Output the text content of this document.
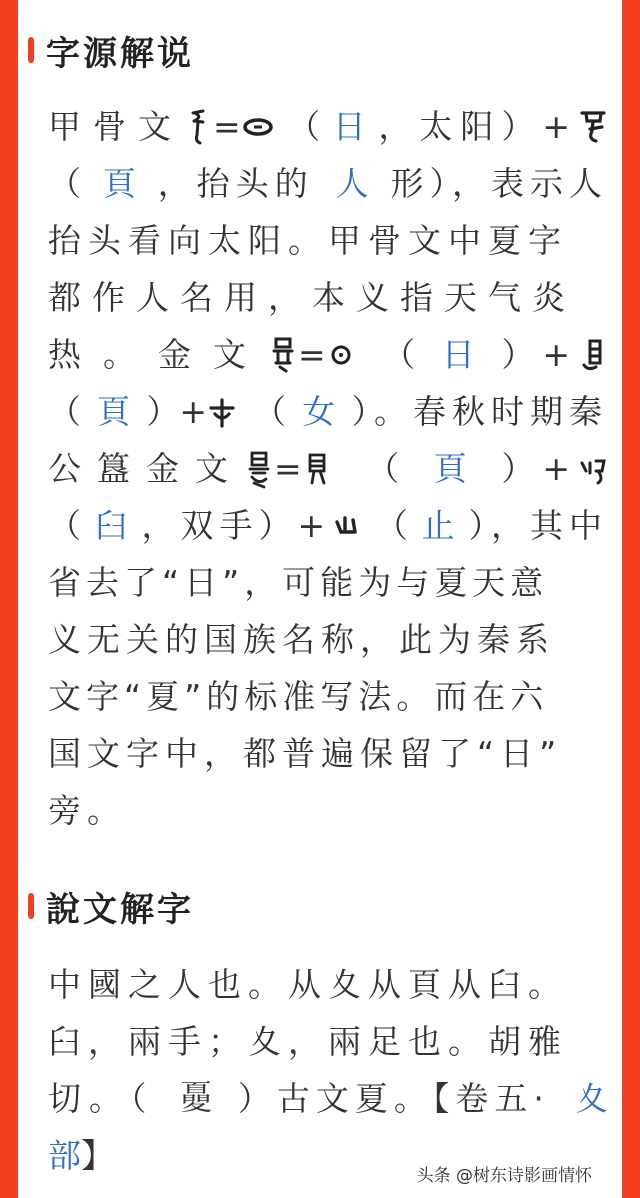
字源解说
甲骨文 = （ 日 ，太阳）+
（ 頁 ，抬头的 人 形），表示人
抬头看向太阳。甲骨文中夏字
都作人名用，本义指天气炎
热。金文 = （ 日 ）+
（ 頁 ）+ （ 女 ）。春秋时期秦
公簋金文 = （ 頁 ）+
（ 臼 ，双手）+ （ 止 ），其中
省去了“日”，可能为与夏天意
义无关的国族名称，此为秦系
文字“夏”的标准写法。而在六
国文字中，都普遍保留了“日”
旁。
說文解字
中國之人也。从夊从頁从臼。
臼，兩手；夊，兩足也。胡雅
切。（ 𡕾 ）古文夏。【卷五· 夊
部】
头条 @树东诗影画情怀
